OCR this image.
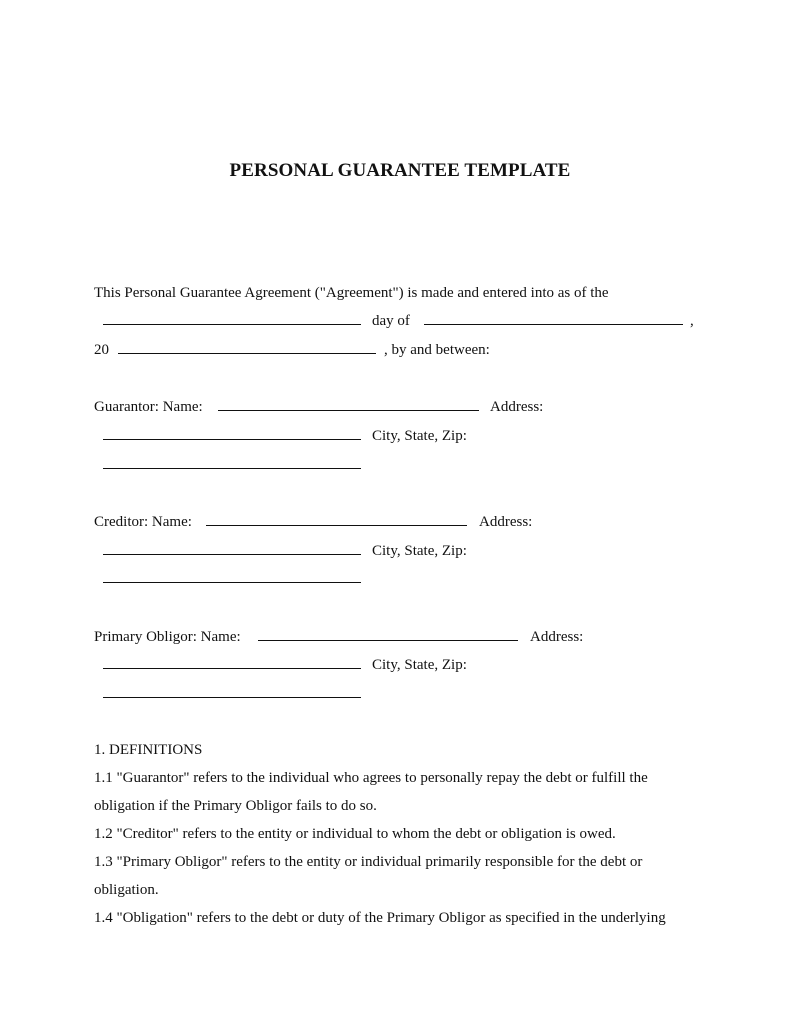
PERSONAL GUARANTEE TEMPLATE
This Personal Guarantee Agreement ("Agreement") is made and entered into as of the
day of	,
20	, by and between:
Guarantor: Name:	Address:
City, State, Zip:
Creditor: Name:	Address:
City, State, Zip:
Primary Obligor: Name:	Address:
City, State, Zip:
1. DEFINITIONS
1.1 "Guarantor" refers to the individual who agrees to personally repay the debt or fulfill the
obligation if the Primary Obligor fails to do so.
1.2 "Creditor" refers to the entity or individual to whom the debt or obligation is owed.
1.3 "Primary Obligor" refers to the entity or individual primarily responsible for the debt or
obligation.
1.4 "Obligation" refers to the debt or duty of the Primary Obligor as specified in the underlying
